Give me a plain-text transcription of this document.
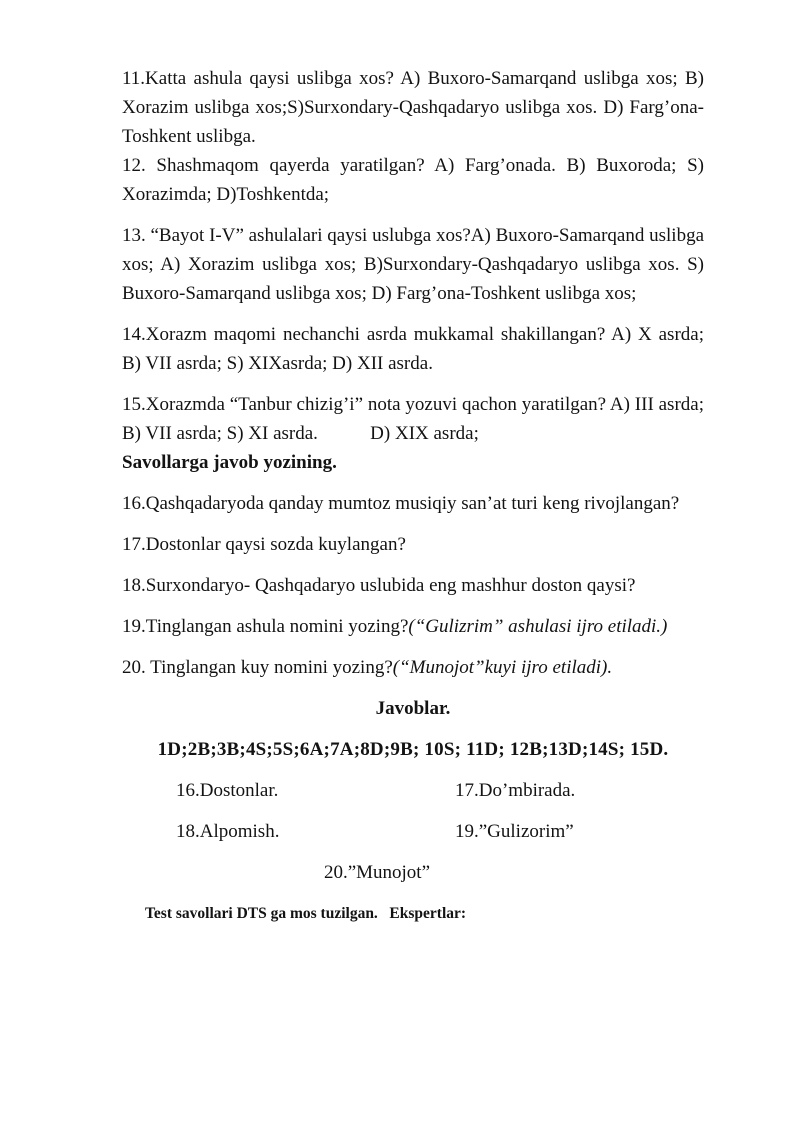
11.Katta ashula qaysi uslibga xos? A) Buxoro-Samarqand uslibga xos; B) Xorazim uslibga xos;S)Surxondary-Qashqadaryo uslibga xos. D) Farg’ona-Toshkent uslibga.

12. Shashmaqom qayerda yaratilgan? A) Farg’onada. B) Buxoroda; S) Xorazimda; D)Toshkentda;

13. “Bayot I-V” ashulalari qaysi uslubga xos?A) Buxoro-Samarqand uslibga xos; A) Xorazim uslibga xos; B)Surxondary-Qashqadaryo uslibga xos. S) Buxoro-Samarqand uslibga xos; D) Farg’ona-Toshkent uslibga xos;

14.Xorazm maqomi nechanchi asrda mukkamal shakillangan? A) X asrda; B) VII asrda; S) XIXasrda; D) XII asrda.

15.Xorazmda “Tanbur chizig’i” nota yozuvi qachon yaratilgan? A) III asrda; B) VII asrda; S) XI asrda.           D) XIX asrda;

Savollarga javob yozining.

16.Qashqadaryoda qanday mumtoz musiqiy san’at turi keng rivojlangan?

17.Dostonlar qaysi sozda kuylangan?

18.Surxondaryo- Qashqadaryo uslubida eng mashhur doston qaysi?

19.Tinglangan ashula nomini yozing?(“Gulizrim” ashulasi ijro etiladi.)

20. Tinglangan kuy nomini yozing?(“Munojot”kuyi ijro etiladi).

Javoblar.

1D;2B;3B;4S;5S;6A;7A;8D;9B; 10S; 11D; 12B;13D;14S; 15D.

16.Dostonlar.	17.Do’mbirada.
18.Alpomish.	19.”Gulizorim”

20.”Munojot”

Test savollari DTS ga mos tuzilgan.   Ekspertlar:
